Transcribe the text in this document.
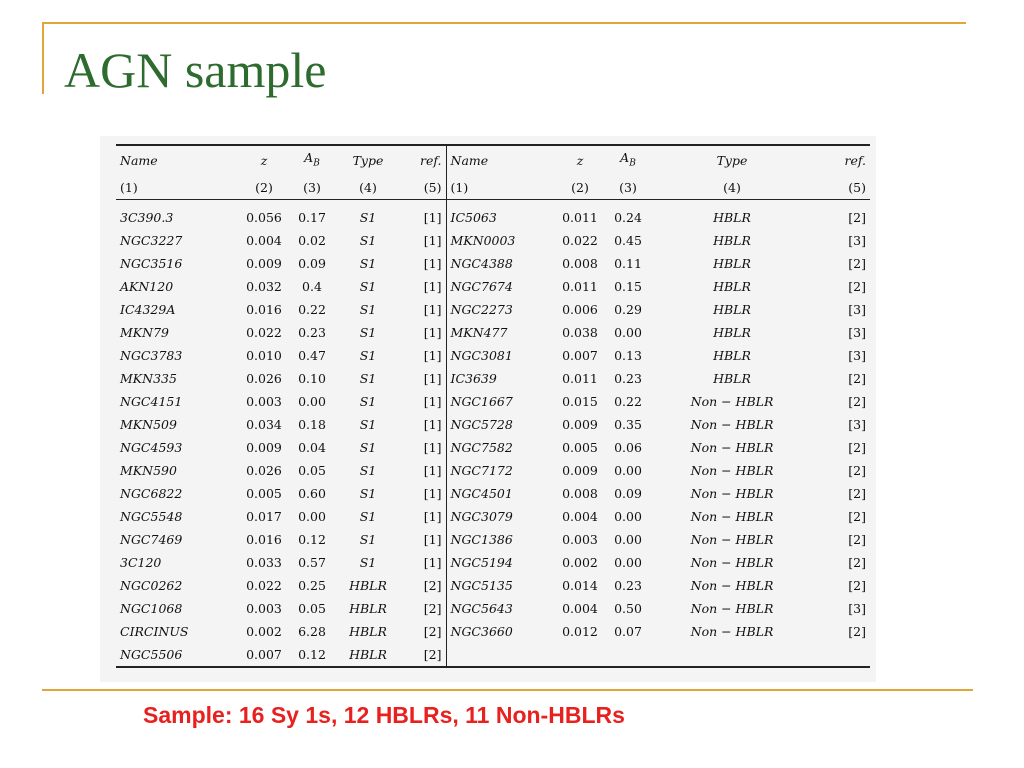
AGN sample
Name	z	$A_B$	Type	ref.	Name	z	$A_B$	Type	ref.
(1)	(2)	(3)	(4)	(5)	(1)	(2)	(3)	(4)	(5)

3C390.3	0.056	0.17	S1	[1]	IC5063	0.011	0.24	HBLR	[2]
NGC3227	0.004	0.02	S1	[1]	MKN0003	0.022	0.45	HBLR	[3]
NGC3516	0.009	0.09	S1	[1]	NGC4388	0.008	0.11	HBLR	[2]
AKN120	0.032	0.4	S1	[1]	NGC7674	0.011	0.15	HBLR	[2]
IC4329A	0.016	0.22	S1	[1]	NGC2273	0.006	0.29	HBLR	[3]
MKN79	0.022	0.23	S1	[1]	MKN477	0.038	0.00	HBLR	[3]
NGC3783	0.010	0.47	S1	[1]	NGC3081	0.007	0.13	HBLR	[3]
MKN335	0.026	0.10	S1	[1]	IC3639	0.011	0.23	HBLR	[2]
NGC4151	0.003	0.00	S1	[1]	NGC1667	0.015	0.22	Non − HBLR	[2]
MKN509	0.034	0.18	S1	[1]	NGC5728	0.009	0.35	Non − HBLR	[3]
NGC4593	0.009	0.04	S1	[1]	NGC7582	0.005	0.06	Non − HBLR	[2]
MKN590	0.026	0.05	S1	[1]	NGC7172	0.009	0.00	Non − HBLR	[2]
NGC6822	0.005	0.60	S1	[1]	NGC4501	0.008	0.09	Non − HBLR	[2]
NGC5548	0.017	0.00	S1	[1]	NGC3079	0.004	0.00	Non − HBLR	[2]
NGC7469	0.016	0.12	S1	[1]	NGC1386	0.003	0.00	Non − HBLR	[2]
3C120	0.033	0.57	S1	[1]	NGC5194	0.002	0.00	Non − HBLR	[2]
NGC0262	0.022	0.25	HBLR	[2]	NGC5135	0.014	0.23	Non − HBLR	[2]
NGC1068	0.003	0.05	HBLR	[2]	NGC5643	0.004	0.50	Non − HBLR	[3]
CIRCINUS	0.002	6.28	HBLR	[2]	NGC3660	0.012	0.07	Non − HBLR	[2]
NGC5506	0.007	0.12	HBLR	[2]					

Sample: 16 Sy 1s, 12 HBLRs, 11 Non-HBLRs
